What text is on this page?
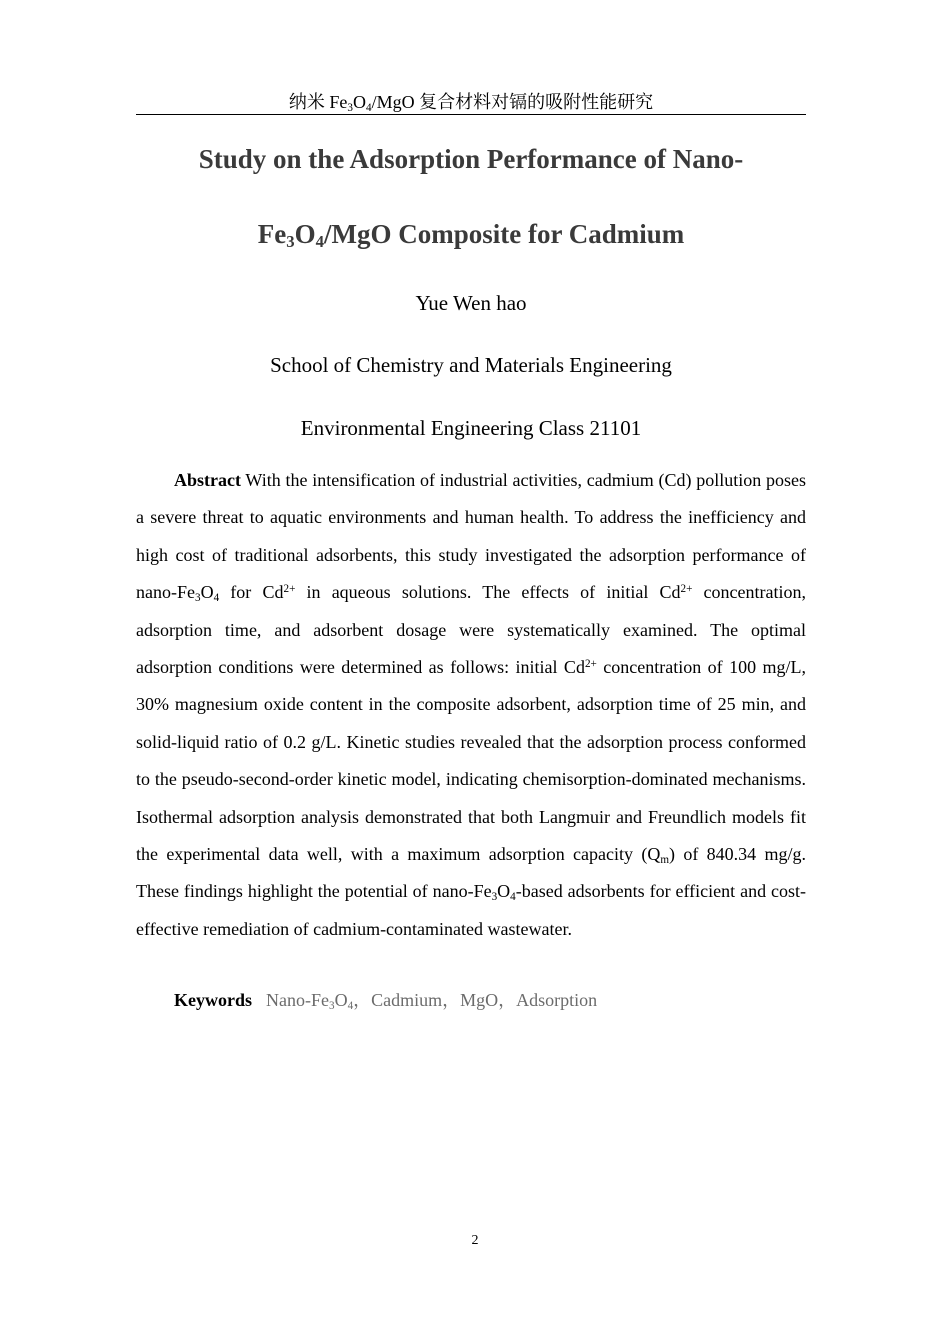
纳米 $Fe_3O_4$/MgO 复合材料对镉的吸附性能研究
Study on the Adsorption Performance of Nano-
$Fe_3O_4$/MgO Composite for Cadmium
Yue Wen hao
School of Chemistry and Materials Engineering
Environmental Engineering Class 21101

Abstract With the intensification of industrial activities, cadmium (Cd) pollution poses a severe threat to aquatic environments and human health. To address the inefficiency and high cost of traditional adsorbents, this study investigated the adsorption performance of nano-$Fe_3O_4$ for $Cd^{2+}$ in aqueous solutions. The effects of initial $Cd^{2+}$ concentration, adsorption time, and adsorbent dosage were systematically examined. The optimal adsorption conditions were determined as follows: initial $Cd^{2+}$ concentration of 100 mg/L, 30% magnesium oxide content in the composite adsorbent, adsorption time of 25 min, and solid-liquid ratio of 0.2 g/L. Kinetic studies revealed that the adsorption process conformed to the pseudo-second-order kinetic model, indicating chemisorption-dominated mechanisms. Isothermal adsorption analysis demonstrated that both Langmuir and Freundlich models fit the experimental data well, with a maximum adsorption capacity $(Q_m)$ of 840.34 mg/g. These findings highlight the potential of nano-$Fe_3O_4$-based adsorbents for efficient and cost-effective remediation of cadmium-contaminated wastewater.

Keywords Nano-$Fe_3O_4$，Cadmium，MgO，Adsorption
2
